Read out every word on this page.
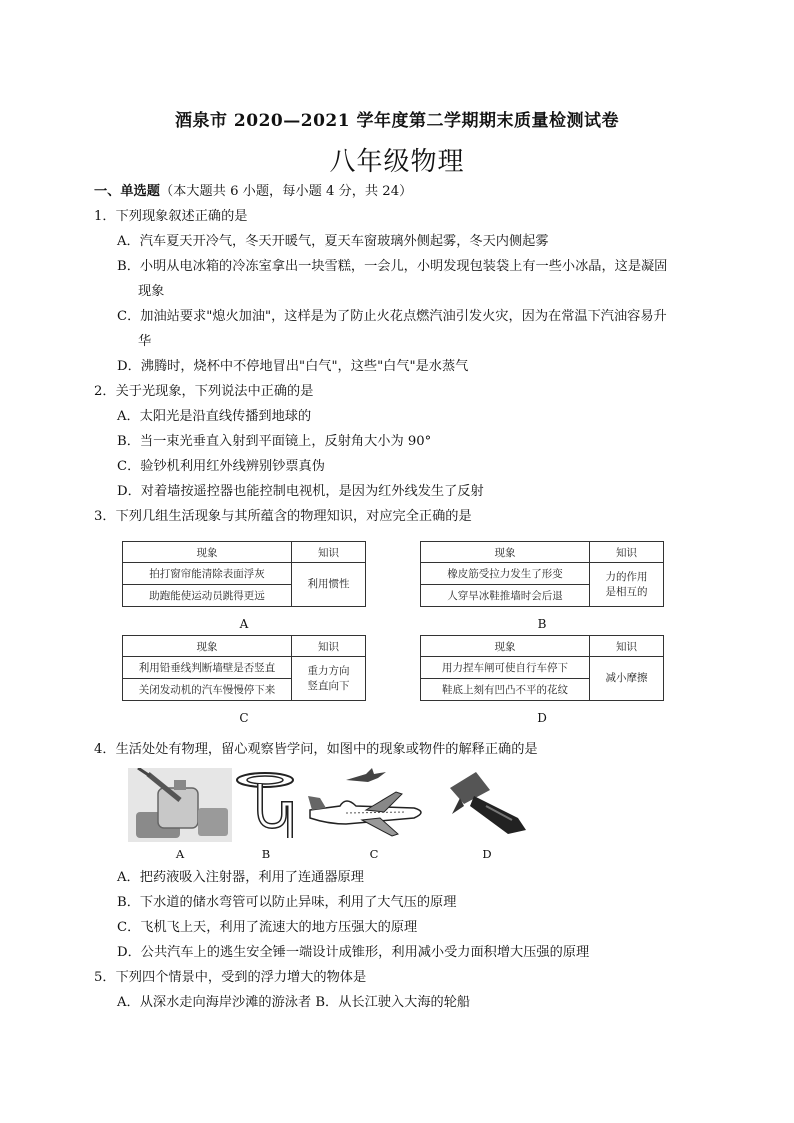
酒泉市 2020—2021 学年度第二学期期末质量检测试卷
八年级物理
一、单选题（本大题共 6 小题，每小题 4 分，共 24）
1．下列现象叙述正确的是
A．汽车夏天开冷气，冬天开暖气，夏天车窗玻璃外侧起雾，冬天内侧起雾
B．小明从电冰箱的冷冻室拿出一块雪糕，一会儿，小明发现包装袋上有一些小冰晶，这是凝固
现象
C．加油站要求"熄火加油"，这样是为了防止火花点燃汽油引发火灾，因为在常温下汽油容易升
华
D．沸腾时，烧杯中不停地冒出"白气"，这些"白气"是水蒸气
2．关于光现象，下列说法中正确的是
A．太阳光是沿直线传播到地球的
B．当一束光垂直入射到平面镜上，反射角大小为 90°
C．验钞机利用红外线辨别钞票真伪
D．对着墙按遥控器也能控制电视机，是因为红外线发生了反射
3．下列几组生活现象与其所蕴含的物理知识，对应完全正确的是
现象	知识
拍打窗帘能清除表面浮灰	利用惯性
助跑能使运动员跳得更远	
A
现象	知识
橡皮筋受拉力发生了形变	力的作用
是相互的
人穿旱冰鞋推墙时会后退	
B
现象	知识
利用铅垂线判断墙壁是否竖直	重力方向
竖直向下
关闭发动机的汽车慢慢停下来	
C
现象	知识
用力捏车闸可使自行车停下	减小摩擦
鞋底上刻有凹凸不平的花纹	
D
4．生活处处有物理，留心观察皆学问，如图中的现象或物件的解释正确的是
A	B	C	D
A．把药液吸入注射器，利用了连通器原理
B．下水道的储水弯管可以防止异味，利用了大气压的原理
C．飞机飞上天，利用了流速大的地方压强大的原理
D．公共汽车上的逃生安全锤一端设计成锥形，利用减小受力面积增大压强的原理
5．下列四个情景中，受到的浮力增大的物体是
A．从深水走向海岸沙滩的游泳者 B．从长江驶入大海的轮船
